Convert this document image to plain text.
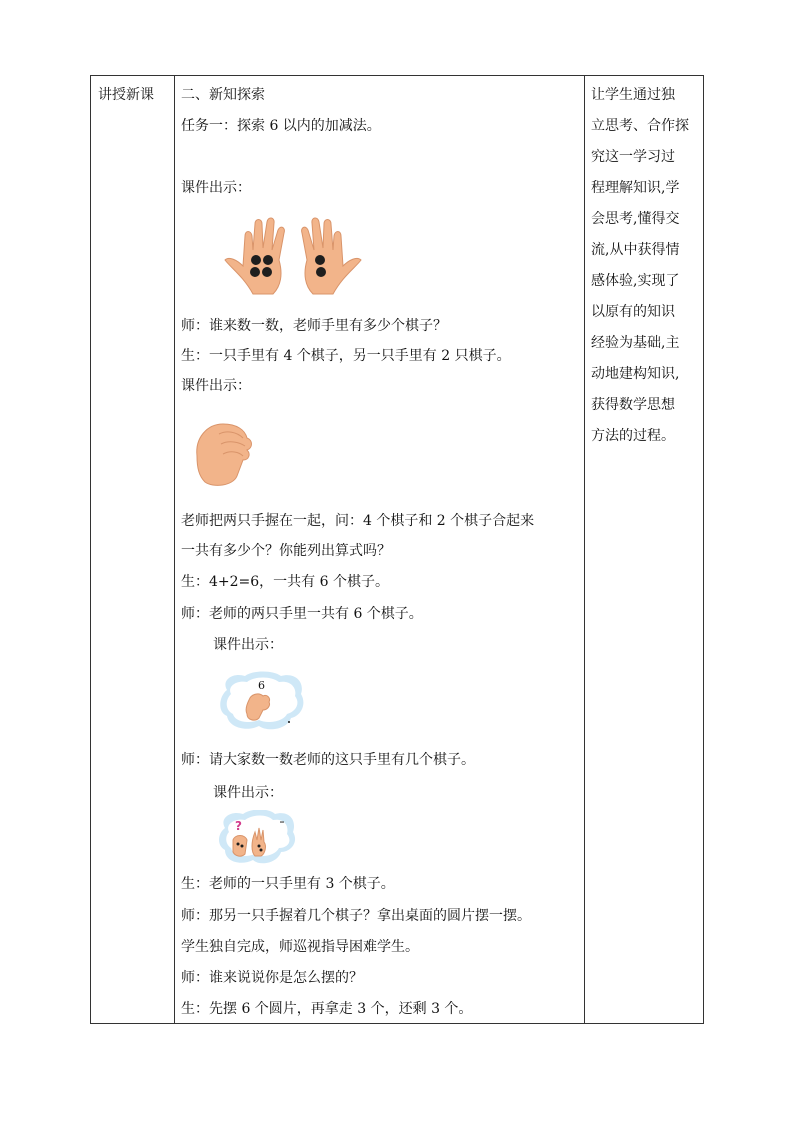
讲授新课 二、新知探索
任务一：探索 6 以内的加减法。
课件出示：
师：谁来数一数，老师手里有多少个棋子？
生：一只手里有 4 个棋子，另一只手里有 2 只棋子。
课件出示：
老师把两只手握在一起，问：4 个棋子和 2 个棋子合起来
一共有多少个？你能列出算式吗？
生：4+2=6，一共有 6 个棋子。
师：老师的两只手里一共有 6 个棋子。
课件出示：
6
师：请大家数一数老师的这只手里有几个棋子。
课件出示：
?
生：老师的一只手里有 3 个棋子。
师：那另一只手握着几个棋子？拿出桌面的圆片摆一摆。
学生独自完成，师巡视指导困难学生。
师：谁来说说你是怎么摆的？
生：先摆 6 个圆片，再拿走 3 个，还剩 3 个。
让学生通过独
立思考、合作探
究这一学习过
程理解知识,学
会思考,懂得交
流,从中获得情
感体验,实现了
以原有的知识
经验为基础,主
动地建构知识,
获得数学思想
方法的过程。
